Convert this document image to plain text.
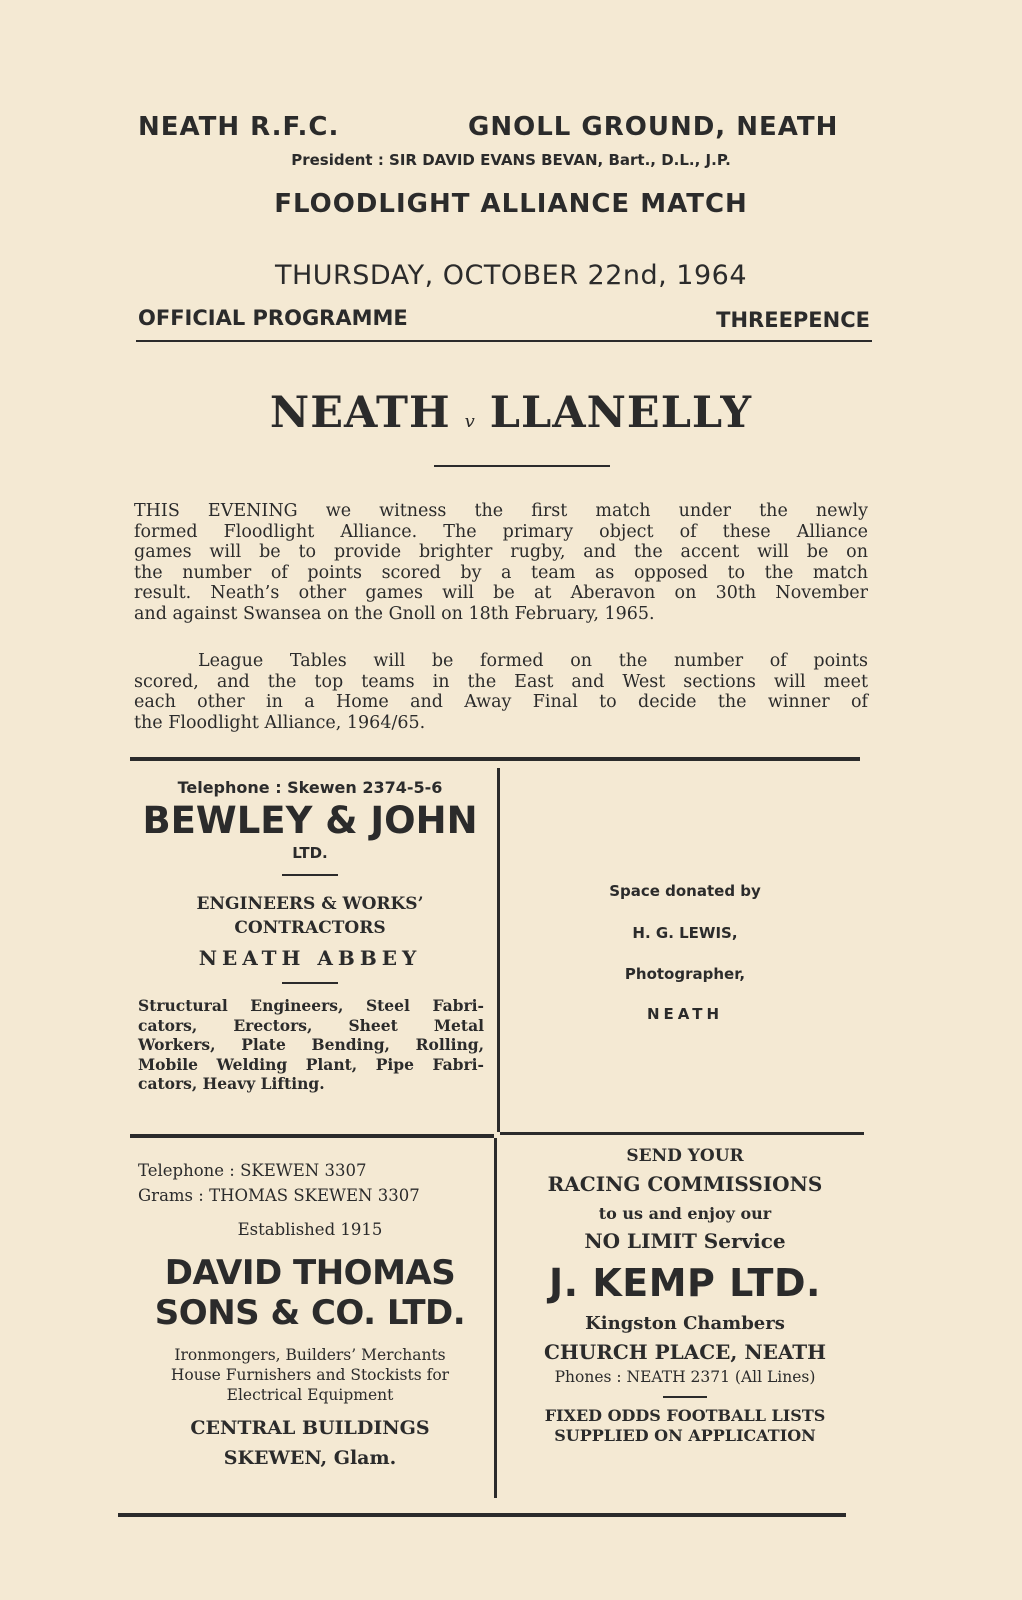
NEATH R.F.C.	GNOLL GROUND, NEATH
President : SIR DAVID EVANS BEVAN, Bart., D.L., J.P.
FLOODLIGHT ALLIANCE MATCH
THURSDAY, OCTOBER 22nd, 1964
OFFICIAL PROGRAMME	THREEPENCE
NEATH v LLANELLY
THIS EVENING we witness the first match under the newly
formed Floodlight Alliance. The primary object of these Alliance
games will be to provide brighter rugby, and the accent will be on
the number of points scored by a team as opposed to the match
result. Neath’s other games will be at Aberavon on 30th November
and against Swansea on the Gnoll on 18th February, 1965.
League Tables will be formed on the number of points
scored, and the top teams in the East and West sections will meet
each other in a Home and Away Final to decide the winner of
the Floodlight Alliance, 1964/65.
Telephone : Skewen 2374-5-6
BEWLEY & JOHN
LTD.
ENGINEERS & WORKS’
CONTRACTORS
NEATH ABBEY
Structural Engineers, Steel Fabri-
cators, Erectors, Sheet Metal
Workers, Plate Bending, Rolling,
Mobile Welding Plant, Pipe Fabri-
cators, Heavy Lifting.
Space donated by
H. G. LEWIS,
Photographer,
NEATH
Telephone : SKEWEN 3307
Grams : THOMAS SKEWEN 3307
Established 1915
DAVID THOMAS
SONS & CO. LTD.
Ironmongers, Builders’ Merchants
House Furnishers and Stockists for
Electrical Equipment
CENTRAL BUILDINGS
SKEWEN, Glam.
SEND YOUR
RACING COMMISSIONS
to us and enjoy our
NO LIMIT Service
J. KEMP LTD.
Kingston Chambers
CHURCH PLACE, NEATH
Phones : NEATH 2371 (All Lines)
FIXED ODDS FOOTBALL LISTS
SUPPLIED ON APPLICATION
